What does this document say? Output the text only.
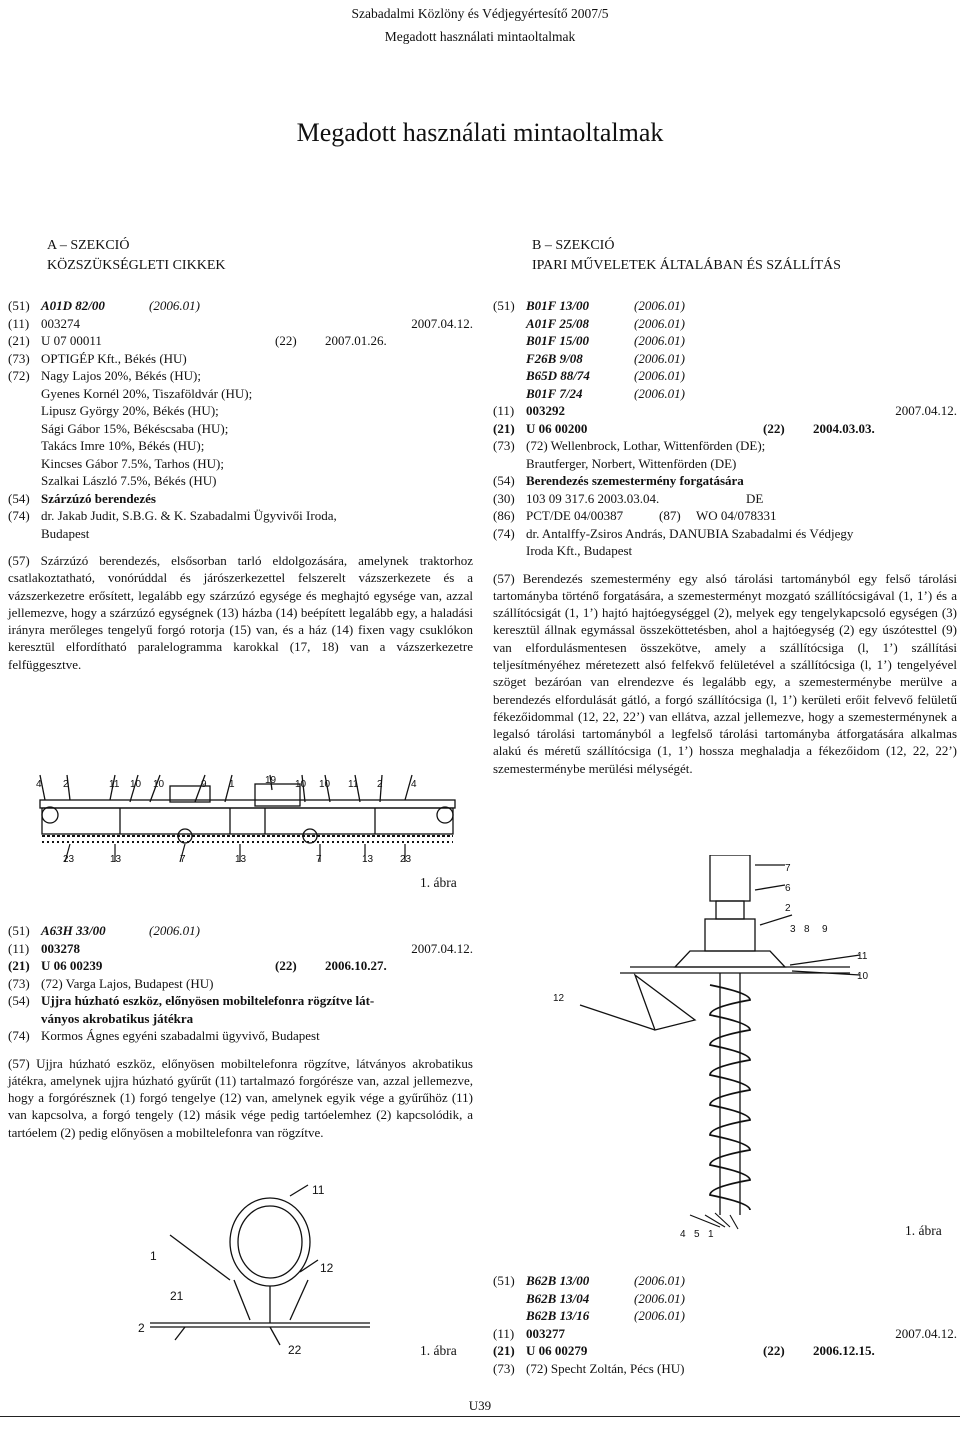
Szabadalmi Közlöny és Védjegyértesítő 2007/5
Megadott használati mintaoltalmak
Megadott használati mintaoltalmak
A – SZEKCIÓ
KÖZSZÜKSÉGLETI CIKKEK
(51) A01D 82/00	(2006.01)
(11) 003274	2007.04.12.
(21) U 07 00011	(22)	2007.01.26.
(73) OPTIGÉP Kft., Békés (HU)
(72) Nagy Lajos 20%, Békés (HU);
Gyenes Kornél 20%, Tiszaföldvár (HU);
Lipusz György 20%, Békés (HU);
Sági Gábor 15%, Békéscsaba (HU);
Takács Imre 10%, Békés (HU);
Kincses Gábor 7.5%, Tarhos (HU);
Szalkai László 7.5%, Békés (HU)
(54) Szárzúzó berendezés
(74) dr. Jakab Judit, S.B.G. & K. Szabadalmi Ügyvivői Iroda,
Budapest
(57) Szárzúzó berendezés, elsősorban tarló eldolgozására, amelynek traktorhoz csatlakoztatható, vonórúddal és járószerkezettel felszerelt vázszerkezete és a vázszerkezetre erősített, legalább egy szárzúzó egysége és meghajtó egysége van, azzal jellemezve, hogy a szárzúzó egységnek (13) házba (14) beépített legalább egy, a haladási irányra merőleges tengelyű forgó rotorja (15) van, és a ház (14) fixen vagy csuklókon keresztül elfordítható paralelogramma karokkal (17, 18) van a vázszerkezetre felfüggesztve.
4 2	11 10 10	9 1	19 10 10 11 2	4
23	13	7	13	7	13	23
1. ábra
(51) A63H 33/00	(2006.01)
(11) 003278	2007.04.12.
(21) U 06 00239	(22)	2006.10.27.
(73) (72) Varga Lajos, Budapest (HU)
(54) Ujjra húzható eszköz, előnyösen mobiltelefonra rögzítve lát-
ványos akrobatikus játékra
(74) Kormos Ágnes egyéni szabadalmi ügyvivő, Budapest
(57) Ujjra húzható eszköz, előnyösen mobiltelefonra rögzítve, látványos akrobatikus játékra, amelynek ujjra húzható gyűrűt (11) tartalmazó forgórésze van, azzal jellemezve, hogy a forgórésznek (1) forgó tengelye (12) van, amelynek egyik vége a gyűrűhöz (11) van kapcsolva, a forgó tengely (12) másik vége pedig tartóelemhez (2) kapcsolódik, a tartóelem (2) pedig előnyösen a mobiltelefonra van rögzítve.
11
1
12
21
2
22	1. ábra
B – SZEKCIÓ
IPARI MŰVELETEK ÁLTALÁBAN ÉS SZÁLLÍTÁS
(51) B01F 13/00	(2006.01)
A01F 25/08	(2006.01)
B01F 15/00	(2006.01)
F26B 9/08	(2006.01)
B65D 88/74	(2006.01)
B01F 7/24	(2006.01)
(11) 003292	2007.04.12.
(21) U 06 00200	(22)	2004.03.03.
(73) (72) Wellenbrock, Lothar, Wittenförden (DE);
Brautferger, Norbert, Wittenförden (DE)
(54) Berendezés szemestermény forgatására
(30) 103 09 317.6 2003.03.04.	DE
(86) PCT/DE 04/00387	(87)	WO 04/078331
(74) dr. Antalffy-Zsiros András, DANUBIA Szabadalmi és Védjegy
Iroda Kft., Budapest
(57) Berendezés szemestermény egy alsó tárolási tartományból egy felső tárolási tartományba történő forgatására, a szemesterményt mozgató szállítócsigával (1, 1’) és a szállítócsigát (1, 1’) hajtó hajtóegységgel (2), melyek egy tengelykapcsoló egységen (3) keresztül állnak egymással összeköttetésben, ahol a hajtóegység (2) egy úszótesttel (9) van elfordulásmentesen összekötve, amely a szállítócsiga (l, 1’) szállítási teljesítményéhez méretezett alsó felfekvő felületével a szállítócsiga (l, 1’) tengelyével szöget bezáróan van elrendezve és legalább egy, a szemesterménybe merülve a berendezés elfordulását gátló, a forgó szállítócsiga (l, 1’) kerületi erőit felvevő felületű fékezőidommal (12, 22, 22’) van ellátva, azzal jellemezve, hogy a szemesterménynek a legalsó tárolási tartományból a legfelső tárolási tartományba átforgatására alkalmas alakú és méretű szállítócsiga (1, 1’) hossza meghaladja a fékezőidom (12, 22, 22’) szemesterménybe merülési mélységét.
7
6
2
3 8 9
11
10
12
4 5 1	1. ábra
(51) B62B 13/00	(2006.01)
B62B 13/04	(2006.01)
B62B 13/16	(2006.01)
(11) 003277	2007.04.12.
(21) U 06 00279	(22)	2006.12.15.
(73) (72) Specht Zoltán, Pécs (HU)
U39
